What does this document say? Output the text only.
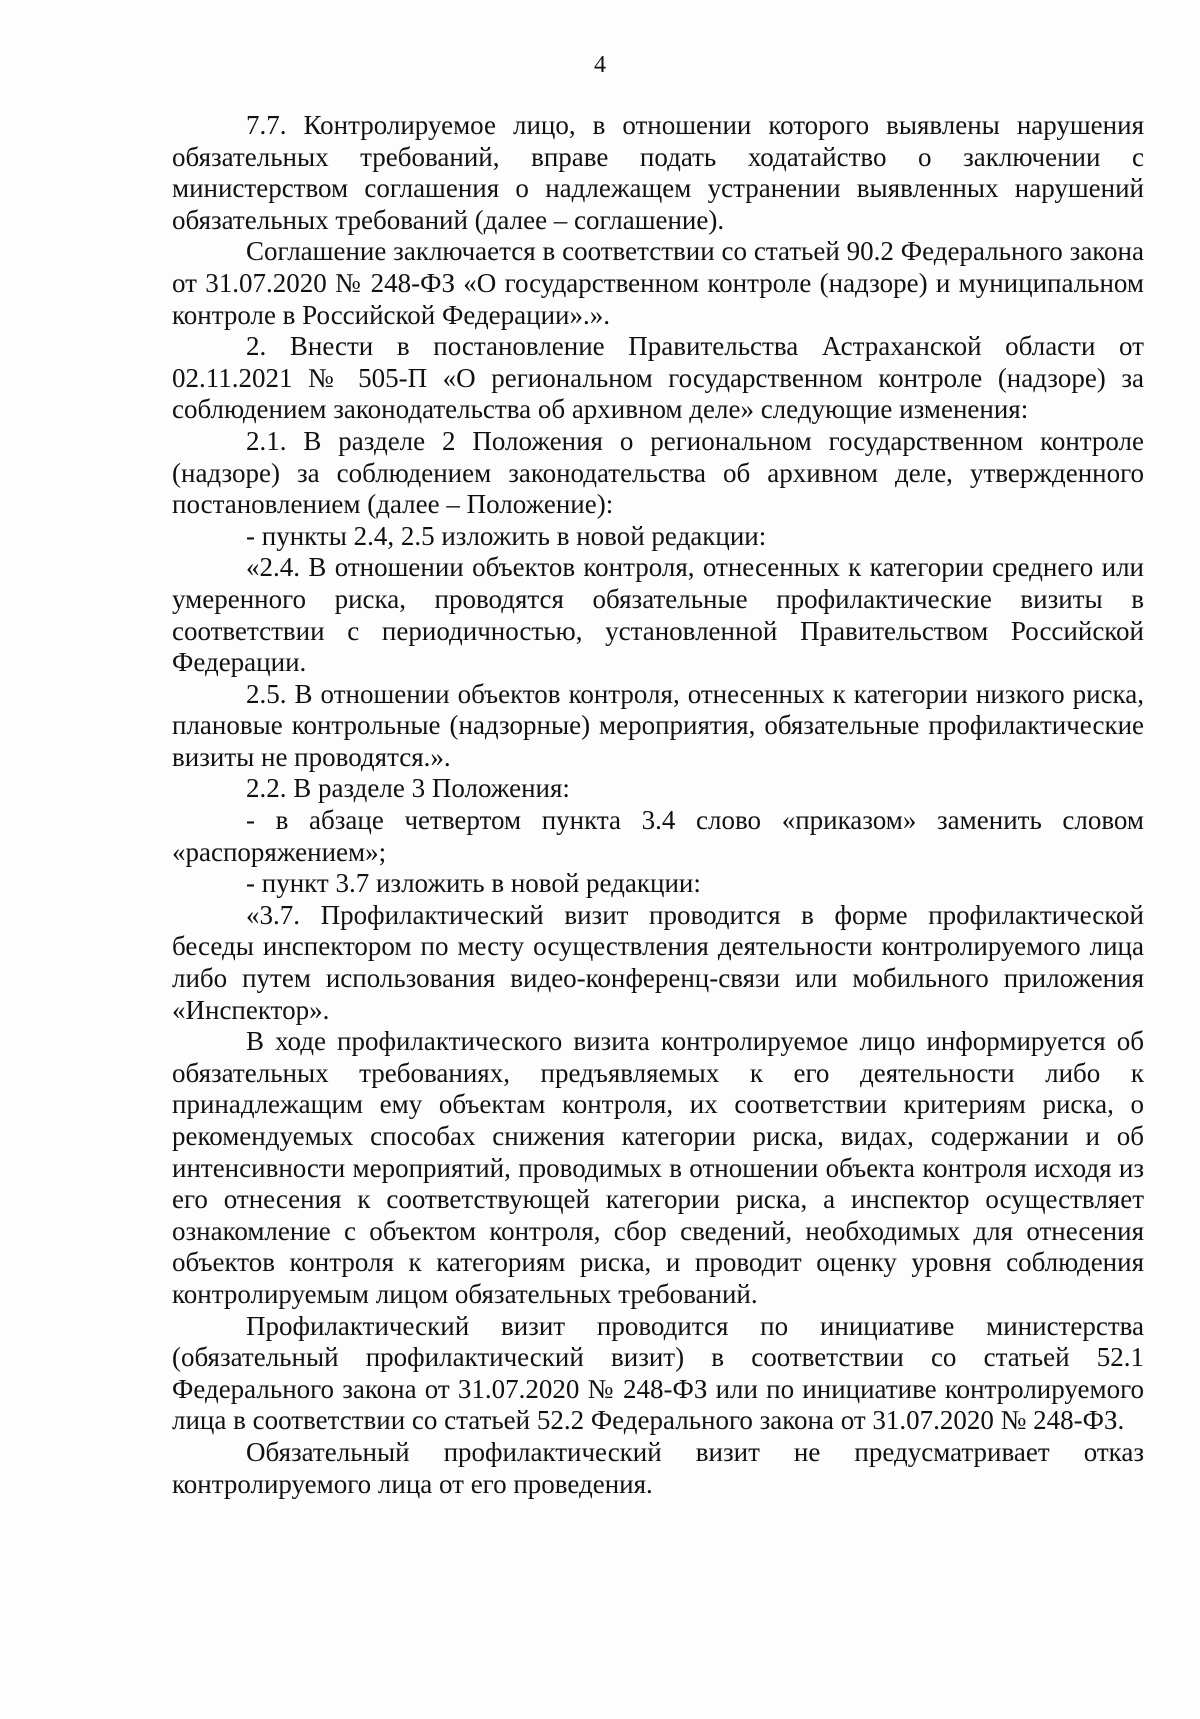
4

7.7. Контролируемое лицо, в отношении которого выявлены нарушения обязательных требований, вправе подать ходатайство о заключении с министерством соглашения о надлежащем устранении выявленных нарушений обязательных требований (далее – соглашение).

Соглашение заключается в соответствии со статьей 90.2 Федерального закона от 31.07.2020 № 248-ФЗ «О государственном контроле (надзоре) и муниципальном контроле в Российской Федерации».».

2. Внести в постановление Правительства Астраханской области от 02.11.2021 № 505-П «О региональном государственном контроле (надзоре) за соблюдением законодательства об архивном деле» следующие изменения:

2.1. В разделе 2 Положения о региональном государственном контроле (надзоре) за соблюдением законодательства об архивном деле, утвержденного постановлением (далее – Положение):

- пункты 2.4, 2.5 изложить в новой редакции:

«2.4. В отношении объектов контроля, отнесенных к категории среднего или умеренного риска, проводятся обязательные профилактические визиты в соответствии с периодичностью, установленной Правительством Российской Федерации.

2.5. В отношении объектов контроля, отнесенных к категории низкого риска, плановые контрольные (надзорные) мероприятия, обязательные профилактические визиты не проводятся.».

2.2. В разделе 3 Положения:

- в абзаце четвертом пункта 3.4 слово «приказом» заменить словом «распоряжением»;

- пункт 3.7 изложить в новой редакции:

«3.7. Профилактический визит проводится в форме профилактической беседы инспектором по месту осуществления деятельности контролируемого лица либо путем использования видео-конференц-связи или мобильного приложения «Инспектор».

В ходе профилактического визита контролируемое лицо информируется об обязательных требованиях, предъявляемых к его деятельности либо к принадлежащим ему объектам контроля, их соответствии критериям риска, о рекомендуемых способах снижения категории риска, видах, содержании и об интенсивности мероприятий, проводимых в отношении объекта контроля исходя из его отнесения к соответствующей категории риска, а инспектор осуществляет ознакомление с объектом контроля, сбор сведений, необходимых для отнесения объектов контроля к категориям риска, и проводит оценку уровня соблюдения контролируемым лицом обязательных требований.

Профилактический визит проводится по инициативе министерства (обязательный профилактический визит) в соответствии со статьей 52.1 Федерального закона от 31.07.2020 № 248-ФЗ или по инициативе контролируемого лица в соответствии со статьей 52.2 Федерального закона от 31.07.2020 № 248-ФЗ.

Обязательный профилактический визит не предусматривает отказ контролируемого лица от его проведения.
